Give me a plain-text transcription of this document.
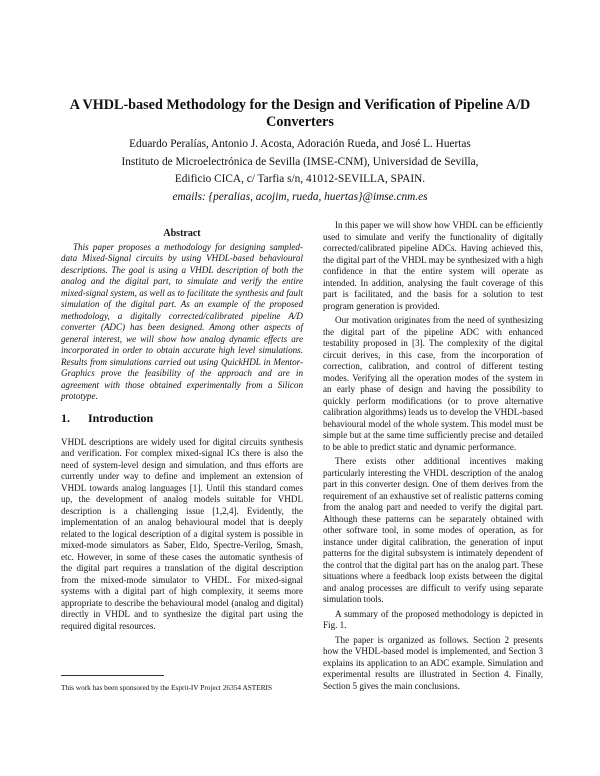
A VHDL-based Methodology for the Design and Verification of Pipeline A/D Converters
Eduardo Peralías, Antonio J. Acosta, Adoración Rueda, and José L. Huertas
Instituto de Microelectrónica de Sevilla (IMSE-CNM), Universidad de Sevilla,
Edificio CICA, c/ Tarfia s/n, 41012-SEVILLA, SPAIN.
emails: {peralias, acojim, rueda, huertas}@imse.cnm.es
Abstract

This paper proposes a methodology for designing sampled-data Mixed-Signal circuits by using VHDL-based behavioural descriptions. The goal is using a VHDL description of both the analog and the digital part, to simulate and verify the entire mixed-signal system, as well as to facilitate the synthesis and fault simulation of the digital part. As an example of the proposed methodology, a digitally corrected/calibrated pipeline A/D converter (ADC) has been designed. Among other aspects of general interest, we will show how analog dynamic effects are incorporated in order to obtain accurate high level simulations. Results from simulations carried out using QuickHDL in Mentor-Graphics prove the feasibility of the approach and are in agreement with those obtained experimentally from a Silicon prototype.

1. Introduction

VHDL descriptions are widely used for digital circuits synthesis and verification. For complex mixed-signal ICs there is also the need of system-level design and simulation, and thus efforts are currently under way to define and implement an extension of VHDL towards analog languages [1]. Until this standard comes up, the development of analog models suitable for VHDL description is a challenging issue [1,2,4]. Evidently, the implementation of an analog behavioural model that is deeply related to the logical description of a digital system is possible in mixed-mode simulators as Saber, Eldo, Spectre-Verilog, Smash, etc. However, in some of these cases the automatic synthesis of the digital part requires a translation of the digital description from the mixed-mode simulator to VHDL. For mixed-signal systems with a digital part of high complexity, it seems more appropriate to describe the behavioural model (analog and digital) directly in VHDL and to synthesize the digital part using the required digital resources.

This work has been sponsored by the Esprit-IV Project 26354 ASTERIS

In this paper we will show how VHDL can be efficiently used to simulate and verify the functionality of digitally corrected/calibrated pipeline ADCs. Having achieved this, the digital part of the VHDL may be synthesized with a high confidence in that the entire system will operate as intended. In addition, analysing the fault coverage of this part is facilitated, and the basis for a solution to test program generation is provided.

Our motivation originates from the need of synthesizing the digital part of the pipeline ADC with enhanced testability proposed in [3]. The complexity of the digital circuit derives, in this case, from the incorporation of correction, calibration, and control of different testing modes. Verifying all the operation modes of the system in an early phase of design and having the possibility to quickly perform modifications (or to prove alternative calibration algorithms) leads us to develop the VHDL-based behavioural model of the whole system. This model must be simple but at the same time sufficiently precise and detailed to be able to predict static and dynamic performance.

There exists other additional incentives making particularly interesting the VHDL description of the analog part in this converter design. One of them derives from the requirement of an exhaustive set of realistic patterns coming from the analog part and needed to verify the digital part. Although these patterns can be separately obtained with other software tool, in some modes of operation, as for instance under digital calibration, the generation of input patterns for the digital subsystem is intimately dependent of the control that the digital part has on the analog part. These situations where a feedback loop exists between the digital and analog processes are difficult to verify using separate simulation tools.

A summary of the proposed methodology is depicted in Fig. 1.

The paper is organized as follows. Section 2 presents how the VHDL-based model is implemented, and Section 3 explains its application to an ADC example. Simulation and experimental results are illustrated in Section 4. Finally, Section 5 gives the main conclusions.
